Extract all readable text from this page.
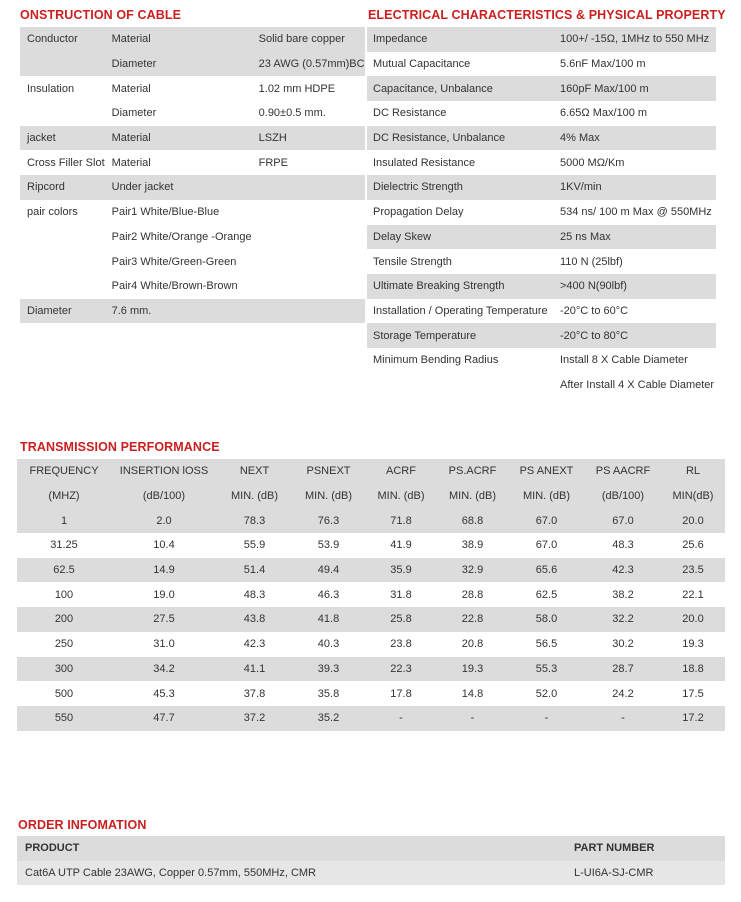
ONSTRUCTION OF CABLE
Conductor	Material	Solid bare copper
	Diameter	23 AWG (0.57mm)BC
Insulation	Material	1.02 mm HDPE
	Diameter	0.90±0.5 mm.
jacket	Material	LSZH
Cross Filler Slot	Material	FRPE
Ripcord	Under jacket	
pair colors	Pair1 White/Blue-Blue	
	Pair2 White/Orange -Orange	
	Pair3 White/Green-Green	
	Pair4 White/Brown-Brown	
Diameter	7.6 mm.	
ELECTRICAL CHARACTERISTICS & PHYSICAL PROPERTY
Impedance	100+/ -15Ω, 1MHz to 550 MHz
Mutual Capacitance	5.6nF Max/100 m
Capacitance, Unbalance	160pF Max/100 m
DC Resistance	6.65Ω Max/100 m
DC Resistance, Unbalance	4% Max
Insulated Resistance	5000 MΩ/Km
Dielectric Strength	1KV/min
Propagation Delay	534 ns/ 100 m Max @ 550MHz
Delay Skew	25 ns Max
Tensile Strength	110 N (25lbf)
Ultimate Breaking Strength	>400 N(90lbf)
Installation / Operating Temperature	-20°C to 60°C
Storage Temperature	-20°C to 80°C
Minimum Bending Radius	Install 8 X Cable Diameter
	After Install 4 X Cable Diameter
TRANSMISSION PERFORMANCE
FREQUENCY	INSERTION lOSS	NEXT	PSNEXT	ACRF	PS.ACRF	PS ANEXT	PS AACRF	RL
(MHZ)	(dB/100)	MIN. (dB)	MIN. (dB)	MIN. (dB)	MIN. (dB)	MIN. (dB)	(dB/100)	MIN(dB)
1	2.0	78.3	76.3	71.8	68.8	67.0	67.0	20.0
31.25	10.4	55.9	53.9	41.9	38.9	67.0	48.3	25.6
62.5	14.9	51.4	49.4	35.9	32.9	65.6	42.3	23.5
100	19.0	48.3	46.3	31.8	28.8	62.5	38.2	22.1
200	27.5	43.8	41.8	25.8	22.8	58.0	32.2	20.0
250	31.0	42.3	40.3	23.8	20.8	56.5	30.2	19.3
300	34.2	41.1	39.3	22.3	19.3	55.3	28.7	18.8
500	45.3	37.8	35.8	17.8	14.8	52.0	24.2	17.5
550	47.7	37.2	35.2	-	-	-	-	17.2
ORDER INFOMATION
PRODUCT	PART NUMBER
Cat6A UTP Cable 23AWG, Copper 0.57mm, 550MHz, CMR	L-UI6A-SJ-CMR
